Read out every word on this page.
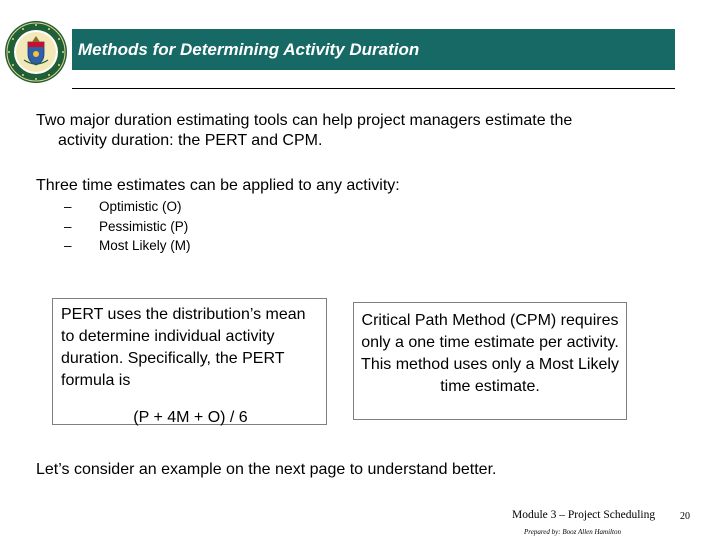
Methods for Determining Activity Duration
Two major duration estimating tools can help project managers estimate the
activity duration: the PERT and CPM.
Three time estimates can be applied to any activity:
–	Optimistic (O)
–	Pessimistic (P)
–	Most Likely (M)
PERT uses the distribution’s mean to determine individual activity duration. Specifically, the PERT formula is
(P + 4M + O) / 6
Critical Path Method (CPM) requires only a one time estimate per activity. This method uses only a Most Likely time estimate.
Let’s consider an example on the next page to understand better.
Module 3 – Project Scheduling
Prepared by: Booz Allen Hamilton
20
